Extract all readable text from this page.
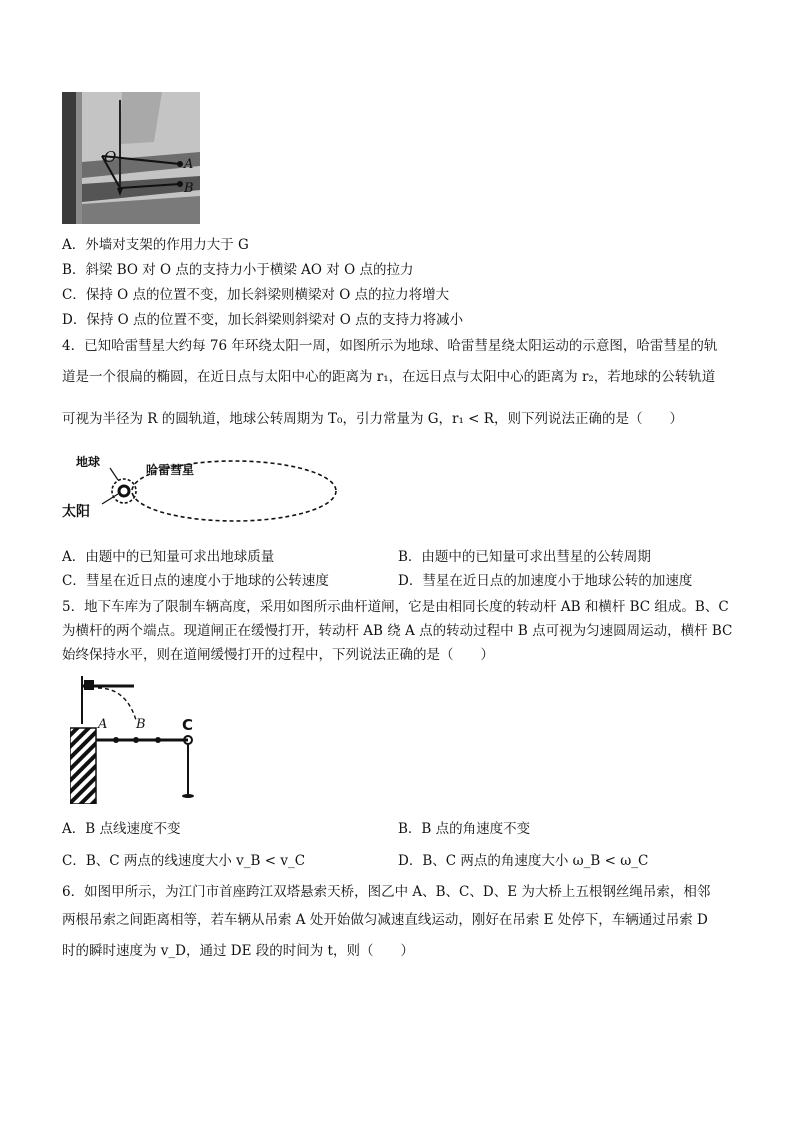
O	A
B
A．外墙对支架的作用力大于 G
B．斜梁 BO 对 O 点的支持力小于横梁 AO 对 O 点的拉力
C．保持 O 点的位置不变，加长斜梁则横梁对 O 点的拉力将增大
D．保持 O 点的位置不变，加长斜梁则斜梁对 O 点的支持力将减小
4．已知哈雷彗星大约每 76 年环绕太阳一周，如图所示为地球、哈雷彗星绕太阳运动的示意图，哈雷彗星的轨
道是一个很扁的椭圆，在近日点与太阳中心的距离为 r₁，在远日点与太阳中心的距离为 r₂，若地球的公转轨道
可视为半径为 R 的圆轨道，地球公转周期为 T₀，引力常量为 G，r₁ < R，则下列说法正确的是（　　）
地球
哈雷彗星
太阳
A．由题中的已知量可求出地球质量	B．由题中的已知量可求出彗星的公转周期
C．彗星在近日点的速度小于地球的公转速度	D．彗星在近日点的加速度小于地球公转的加速度
5．地下车库为了限制车辆高度，采用如图所示曲杆道闸，它是由相同长度的转动杆 AB 和横杆 BC 组成。B、C
为横杆的两个端点。现道闸正在缓慢打开，转动杆 AB 绕 A 点的转动过程中 B 点可视为匀速圆周运动，横杆 BC
始终保持水平，则在道闸缓慢打开的过程中，下列说法正确的是（　　）
A B C
A．B 点线速度不变	B．B 点的角速度不变
C．B、C 两点的线速度大小 v_B < v_C	D．B、C 两点的角速度大小 ω_B < ω_C
6．如图甲所示，为江门市首座跨江双塔悬索天桥，图乙中 A、B、C、D、E 为大桥上五根钢丝绳吊索，相邻
两根吊索之间距离相等，若车辆从吊索 A 处开始做匀减速直线运动，刚好在吊索 E 处停下，车辆通过吊索 D
时的瞬时速度为 v_D，通过 DE 段的时间为 t，则（　　）
